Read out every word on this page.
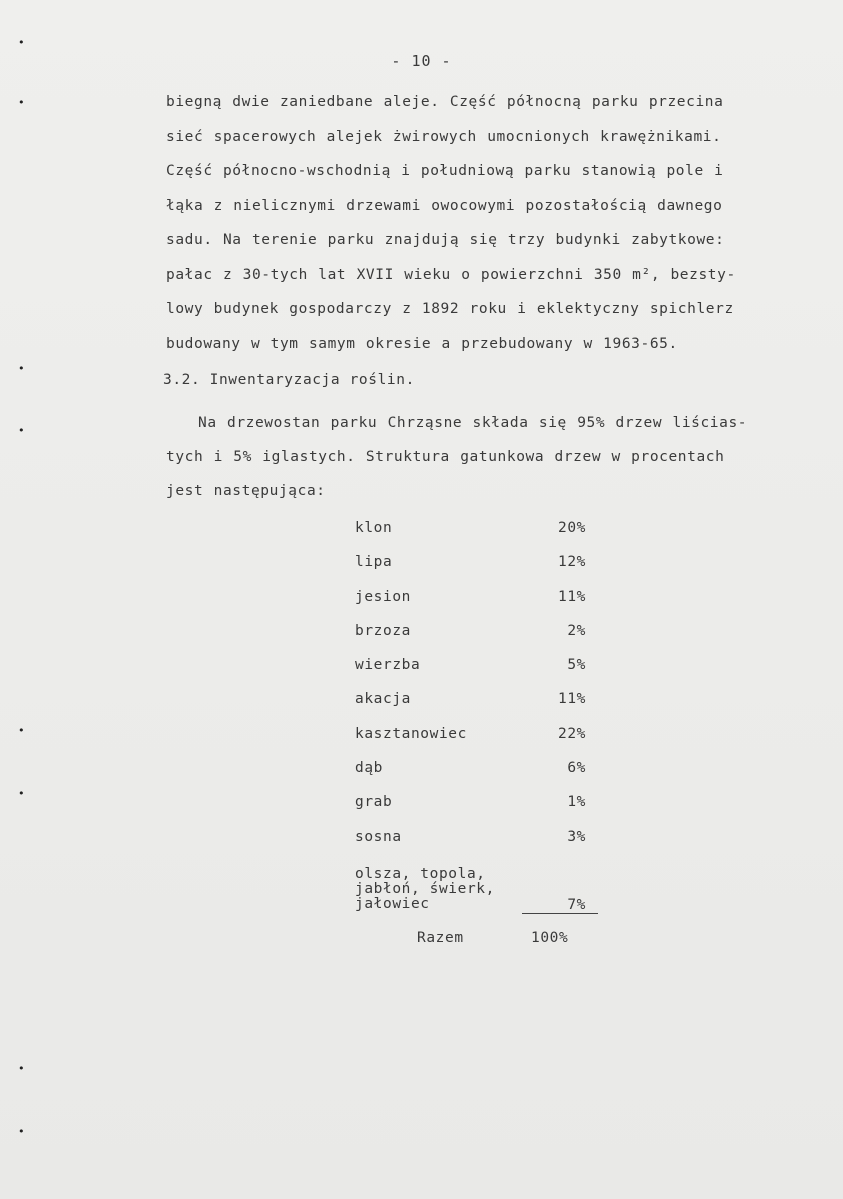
- 10 -
biegną dwie zaniedbane aleje. Część północną parku przecina
sieć spacerowych alejek żwirowych umocnionych krawężnikami.
Część północno-wschodnią i południową parku stanowią pole i
łąka z nielicznymi drzewami owocowymi pozostałością dawnego
sadu. Na terenie parku znajdują się trzy budynki zabytkowe:
pałac z 30-tych lat XVII wieku o powierzchni 350 m², bezsty-
lowy budynek gospodarczy z 1892 roku i eklektyczny spichlerz
budowany w tym samym okresie a przebudowany w 1963-65.
3.2. Inwentaryzacja roślin.
Na drzewostan parku Chrząsne składa się 95% drzew liścias-
tych i 5% iglastych. Struktura gatunkowa drzew w procentach
jest następująca:
klon	20%
lipa	12%
jesion	11%
brzoza	2%
wierzba	5%
akacja	11%
kasztanowiec	22%
dąb	6%
grab	1%
sosna	3%
olsza, topola, jabłoń, świerk, jałowiec	7%
Razem	100%
•
•
•
•
•
•
•
•
